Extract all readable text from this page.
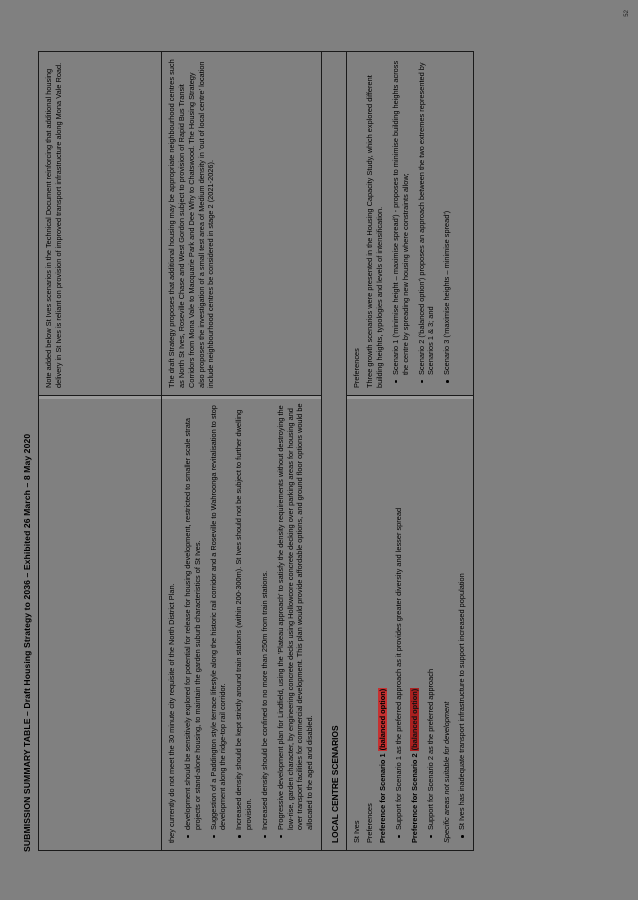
SUBMISSION SUMMARY TABLE – Draft Housing Strategy to 2036 – Exhibited 26 March – 8 May 2020

Note added below St Ives scenarios in the Technical Document reinforcing that additional housing delivery in St Ives is reliant on provision of improved transport infrastructure along Mona Vale Road.

they currently do not meet the 30 minute city requisite of the North District Plan. development should be sensitively explored for potential for release for housing development, restricted to smaller scale strata projects or stand-alone housing, to maintain the garden suburb characteristics of St Ives. Suggestion of a Paddington style terrace lifestyle along the historic rail corridor and a Roseville to Wahroonga revitalisation to stop development along the ridge-top rail corridor. Increased density should be kept strictly around train stations (within 200-300m). St Ives should not be subject to further dwelling provision. Increased density should be confined to no more than 250m from train stations. Progressive development plan for Lindfield, using the 'Plateau approach' to satisfy the density requirements without destroying the low-rise, garden character, by engineering concrete decks using Hollowcore concrete decking over parking areas for housing and over transport facilities for commercial development. This plan would provide affordable options, and ground floor options would be allocated to the aged and disabled.

The draft Strategy proposes that additional housing may be appropriate neighbourhood centres such as North St Ives, Roseville Chase and West Gordon subject to provision of Rapid Bus Transit Corridors from Mona Vale to Macquarie Park and Dee Why to Chatswood. The Housing Strategy also proposes the investigation of a small test area of Medium density in 'out of local centre' location include neighbourhood centres be considered in stage 2 (2021-2026).

LOCAL CENTRE SCENARIOS	St Ives Preferences Preference for Scenario 1 (balanced option) Support for Scenario 1 as the preferred approach as it provides greater diversity and lesser spread Preference for Scenario 2 (balanced option) Support for Scenario 2 as the preferred approach Specific areas not suitable for development St Ives has inadequate transport infrastructure to support increased population

Preferences Three growth scenarios were presented in the Housing Capacity Study, which explored different building heights, typologies and levels of intensification. Scenario 1 ('minimise height – maximise spread') - proposes to minimise building heights across the centre by spreading new housing where constraints allow; Scenario 2 ('balanced option') proposes an approach between the two extremes represented by Scenarios 1 & 3; and Scenario 3 ('maximise heights – minimise spread')
52
